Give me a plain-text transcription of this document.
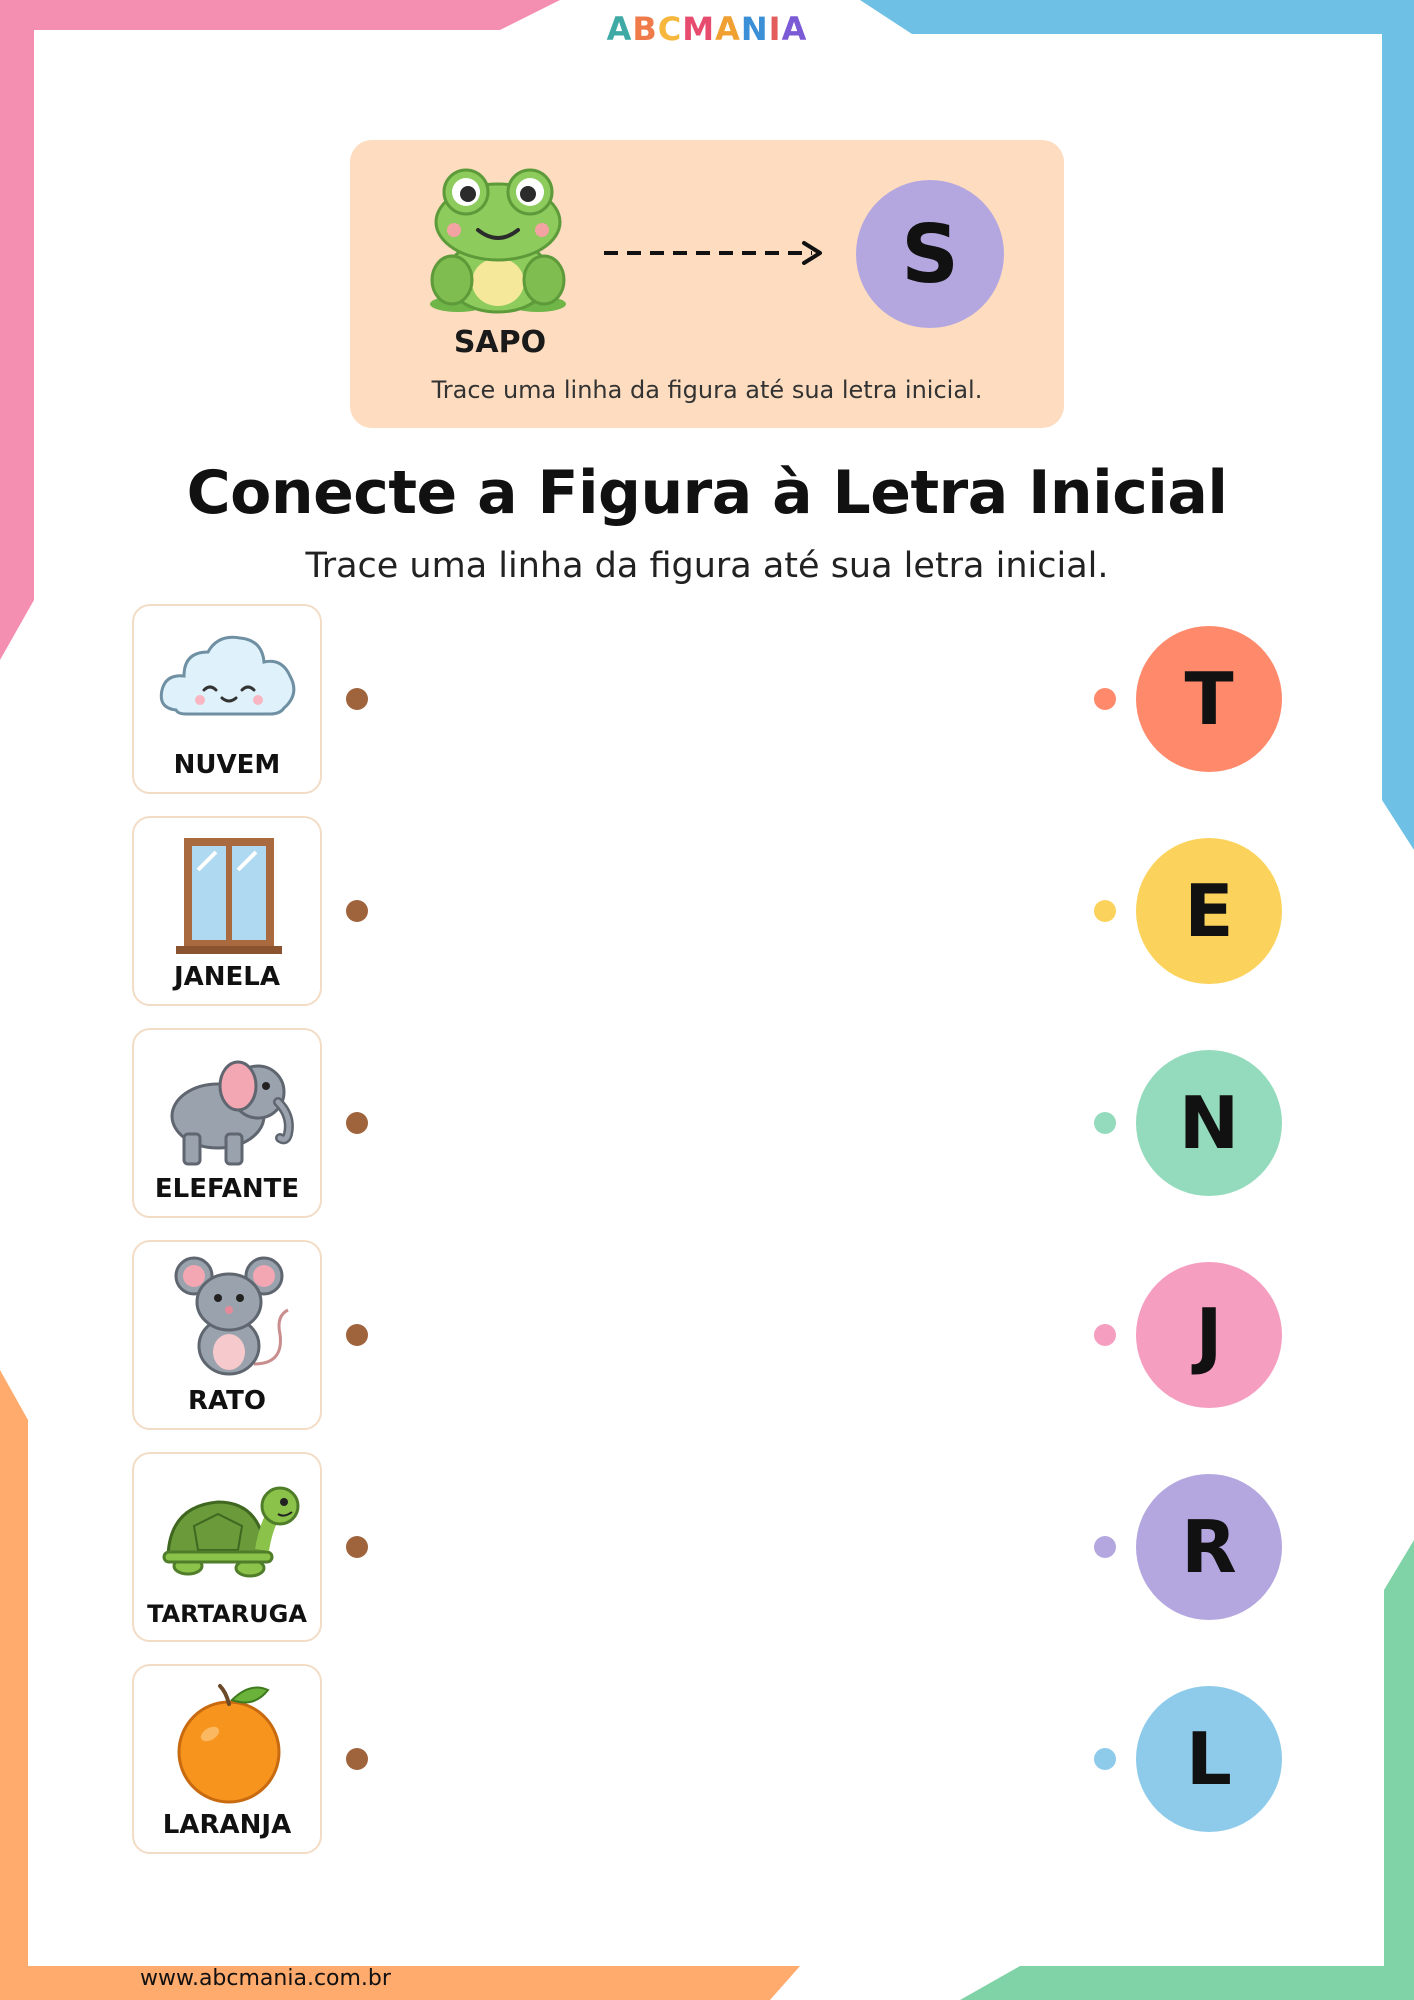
ABCMANIA
SAPO
S
Trace uma linha da figura até sua letra inicial.
Conecte a Figura à Letra Inicial
Trace uma linha da figura até sua letra inicial.
NUVEM
JANELA
ELEFANTE
RATO
TARTARUGA
LARANJA
T
E
N
J
R
L
www.abcmania.com.br
